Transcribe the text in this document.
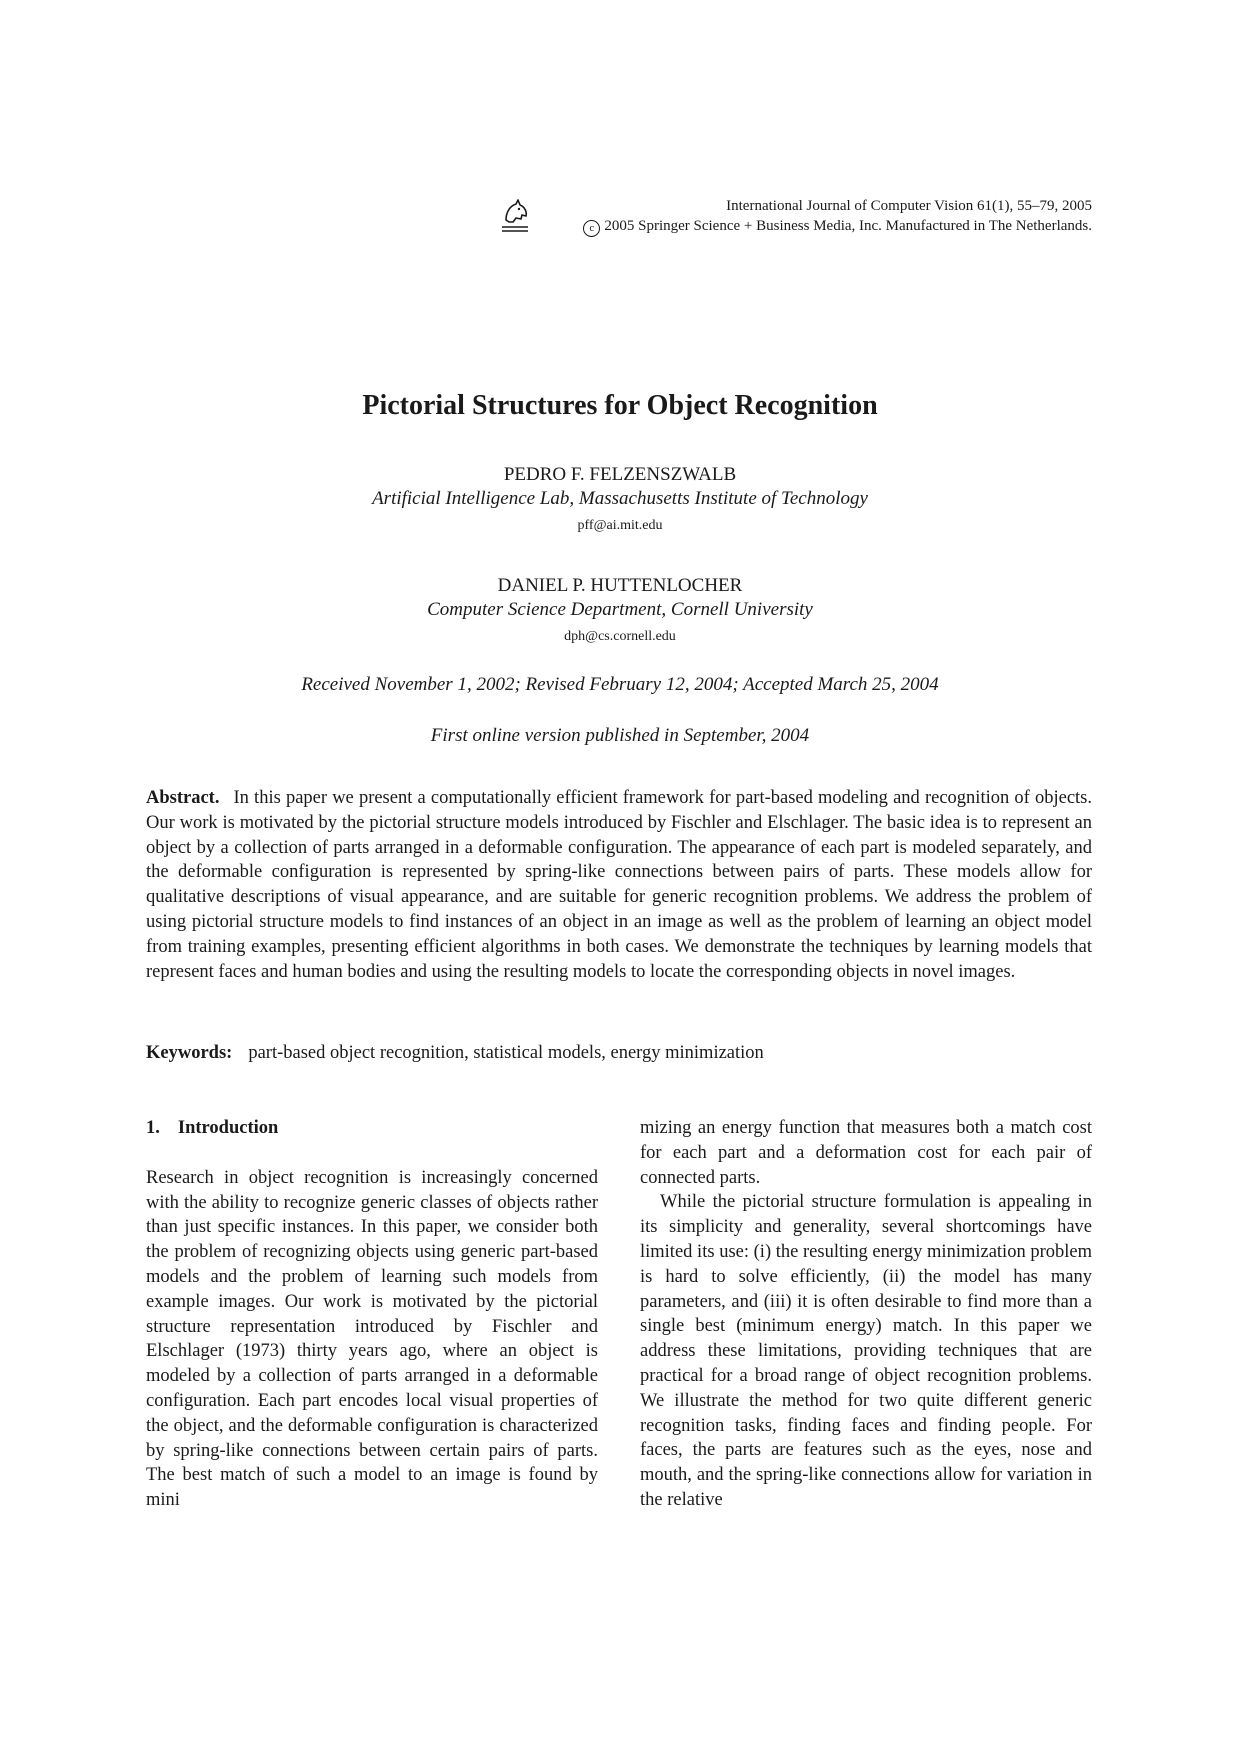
International Journal of Computer Vision 61(1), 55–79, 2005
c 2005 Springer Science + Business Media, Inc. Manufactured in The Netherlands.
Pictorial Structures for Object Recognition
PEDRO F. FELZENSZWALB
Artificial Intelligence Lab, Massachusetts Institute of Technology
pff@ai.mit.edu
DANIEL P. HUTTENLOCHER
Computer Science Department, Cornell University
dph@cs.cornell.edu
Received November 1, 2002; Revised February 12, 2004; Accepted March 25, 2004
First online version published in September, 2004

Abstract. In this paper we present a computationally efficient framework for part-based modeling and recognition of objects. Our work is motivated by the pictorial structure models introduced by Fischler and Elschlager. The basic idea is to represent an object by a collection of parts arranged in a deformable configuration. The appearance of each part is modeled separately, and the deformable configuration is represented by spring-like connections between pairs of parts. These models allow for qualitative descriptions of visual appearance, and are suitable for generic recognition problems. We address the problem of using pictorial structure models to find instances of an object in an image as well as the problem of learning an object model from training examples, presenting efficient algorithms in both cases. We demonstrate the techniques by learning models that represent faces and human bodies and using the resulting models to locate the corresponding objects in novel images.

Keywords: part-based object recognition, statistical models, energy minimization

1. Introduction

Research in object recognition is increasingly concerned with the ability to recognize generic classes of objects rather than just specific instances. In this paper, we consider both the problem of recognizing objects using generic part-based models and the problem of learning such models from example images. Our work is motivated by the pictorial structure representation introduced by Fischler and Elschlager (1973) thirty years ago, where an object is modeled by a collection of parts arranged in a deformable configuration. Each part encodes local visual properties of the object, and the deformable configuration is characterized by spring-like connections between certain pairs of parts. The best match of such a model to an image is found by mini

mizing an energy function that measures both a match cost for each part and a deformation cost for each pair of connected parts.

While the pictorial structure formulation is appealing in its simplicity and generality, several shortcomings have limited its use: (i) the resulting energy minimization problem is hard to solve efficiently, (ii) the model has many parameters, and (iii) it is often desirable to find more than a single best (minimum energy) match. In this paper we address these limitations, providing techniques that are practical for a broad range of object recognition problems. We illustrate the method for two quite different generic recognition tasks, finding faces and finding people. For faces, the parts are features such as the eyes, nose and mouth, and the spring-like connections allow for variation in the relative
